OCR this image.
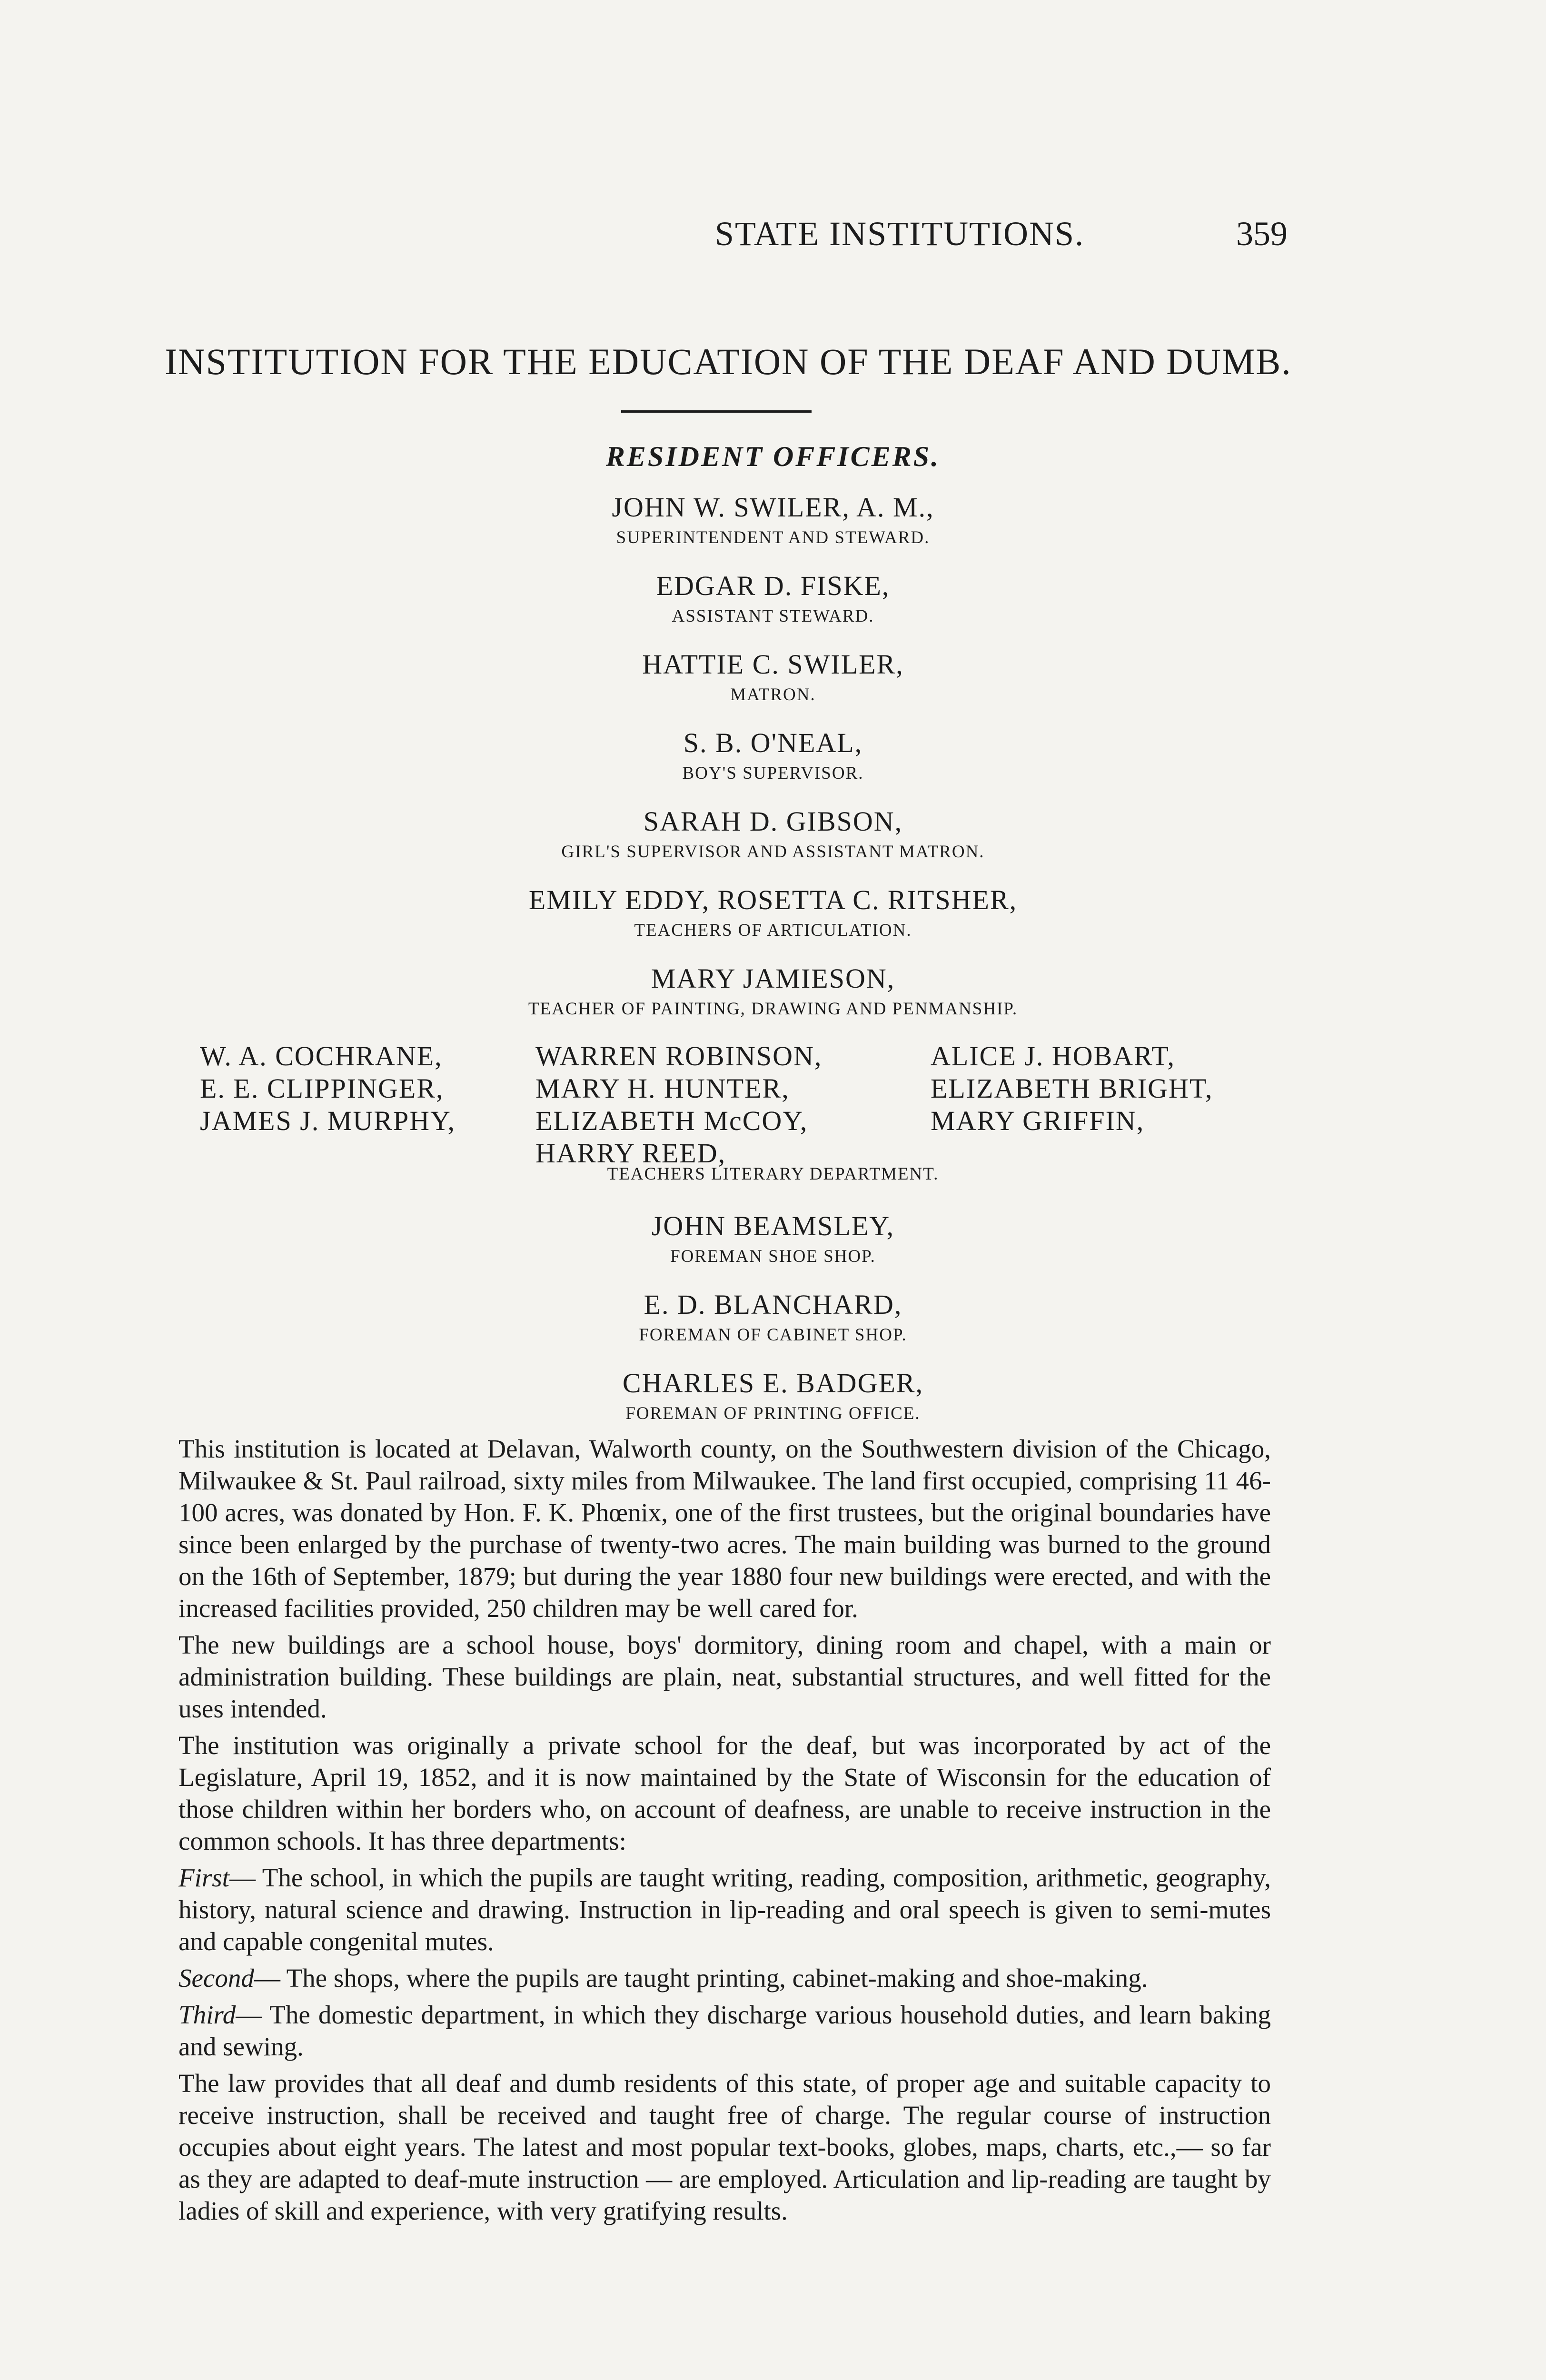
STATE INSTITUTIONS.	359
INSTITUTION FOR THE EDUCATION OF THE DEAF AND DUMB.
RESIDENT OFFICERS.
JOHN W. SWILER, A. M.,
SUPERINTENDENT AND STEWARD.
EDGAR D. FISKE,
ASSISTANT STEWARD.
HATTIE C. SWILER,
MATRON.
S. B. O'NEAL,
BOY'S SUPERVISOR.
SARAH D. GIBSON,
GIRL'S SUPERVISOR AND ASSISTANT MATRON.
EMILY EDDY, ROSETTA C. RITSHER,
TEACHERS OF ARTICULATION.
MARY JAMIESON,
TEACHER OF PAINTING, DRAWING AND PENMANSHIP.
W. A. COCHRANE,
E. E. CLIPPINGER,
JAMES J. MURPHY,
WARREN ROBINSON,
MARY H. HUNTER,
ELIZABETH McCOY,
HARRY REED,
ALICE J. HOBART,
ELIZABETH BRIGHT,
MARY GRIFFIN,
TEACHERS LITERARY DEPARTMENT.
JOHN BEAMSLEY,
FOREMAN SHOE SHOP.
E. D. BLANCHARD,
FOREMAN OF CABINET SHOP.
CHARLES E. BADGER,
FOREMAN OF PRINTING OFFICE.

This institution is located at Delavan, Walworth county, on the Southwestern division of the Chicago, Milwaukee & St. Paul railroad, sixty miles from Milwaukee. The land first occupied, comprising 11 46-100 acres, was donated by Hon. F. K. Phœnix, one of the first trustees, but the original boundaries have since been enlarged by the purchase of twenty-two acres. The main building was burned to the ground on the 16th of September, 1879; but during the year 1880 four new buildings were erected, and with the increased facilities provided, 250 children may be well cared for.

The new buildings are a school house, boys' dormitory, dining room and chapel, with a main or administration building. These buildings are plain, neat, substantial structures, and well fitted for the uses intended.

The institution was originally a private school for the deaf, but was incorporated by act of the Legislature, April 19, 1852, and it is now maintained by the State of Wisconsin for the education of those children within her borders who, on account of deafness, are unable to receive instruction in the common schools. It has three departments:

First— The school, in which the pupils are taught writing, reading, composition, arithmetic, geography, history, natural science and drawing. Instruction in lip-reading and oral speech is given to semi-mutes and capable congenital mutes.

Second— The shops, where the pupils are taught printing, cabinet-making and shoe-making.

Third— The domestic department, in which they discharge various household duties, and learn baking and sewing.

The law provides that all deaf and dumb residents of this state, of proper age and suitable capacity to receive instruction, shall be received and taught free of charge. The regular course of instruction occupies about eight years. The latest and most popular text-books, globes, maps, charts, etc.,— so far as they are adapted to deaf-mute instruction — are employed. Articulation and lip-reading are taught by ladies of skill and experience, with very gratifying results.
